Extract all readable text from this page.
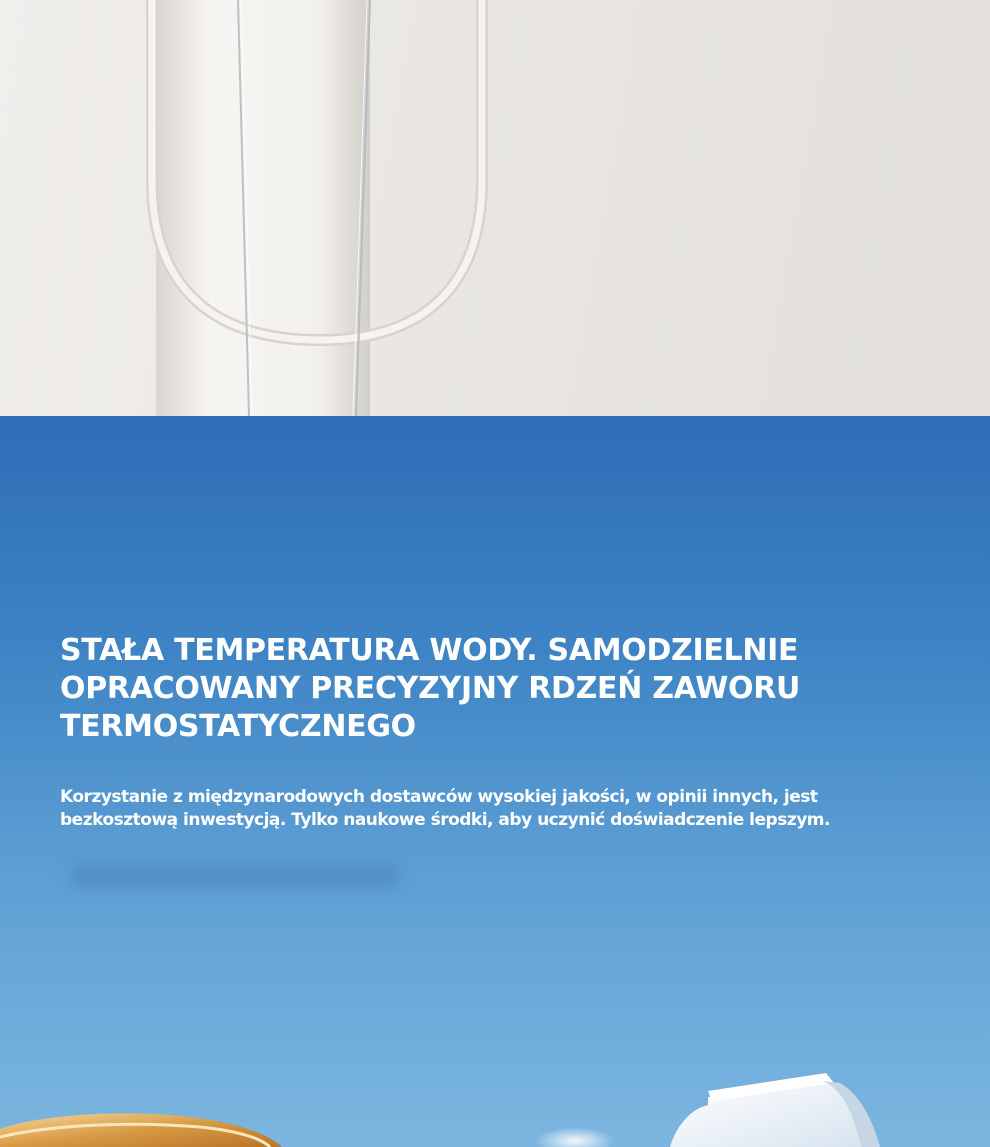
STAŁA TEMPERATURA WODY. SAMODZIELNIE OPRACOWANY PRECYZYJNY RDZEŃ ZAWORU TERMOSTATYCZNEGO

Korzystanie z międzynarodowych dostawców wysokiej jakości, w opinii innych, jest bezkosztową inwestycją. Tylko naukowe środki, aby uczynić doświadczenie lepszym.
